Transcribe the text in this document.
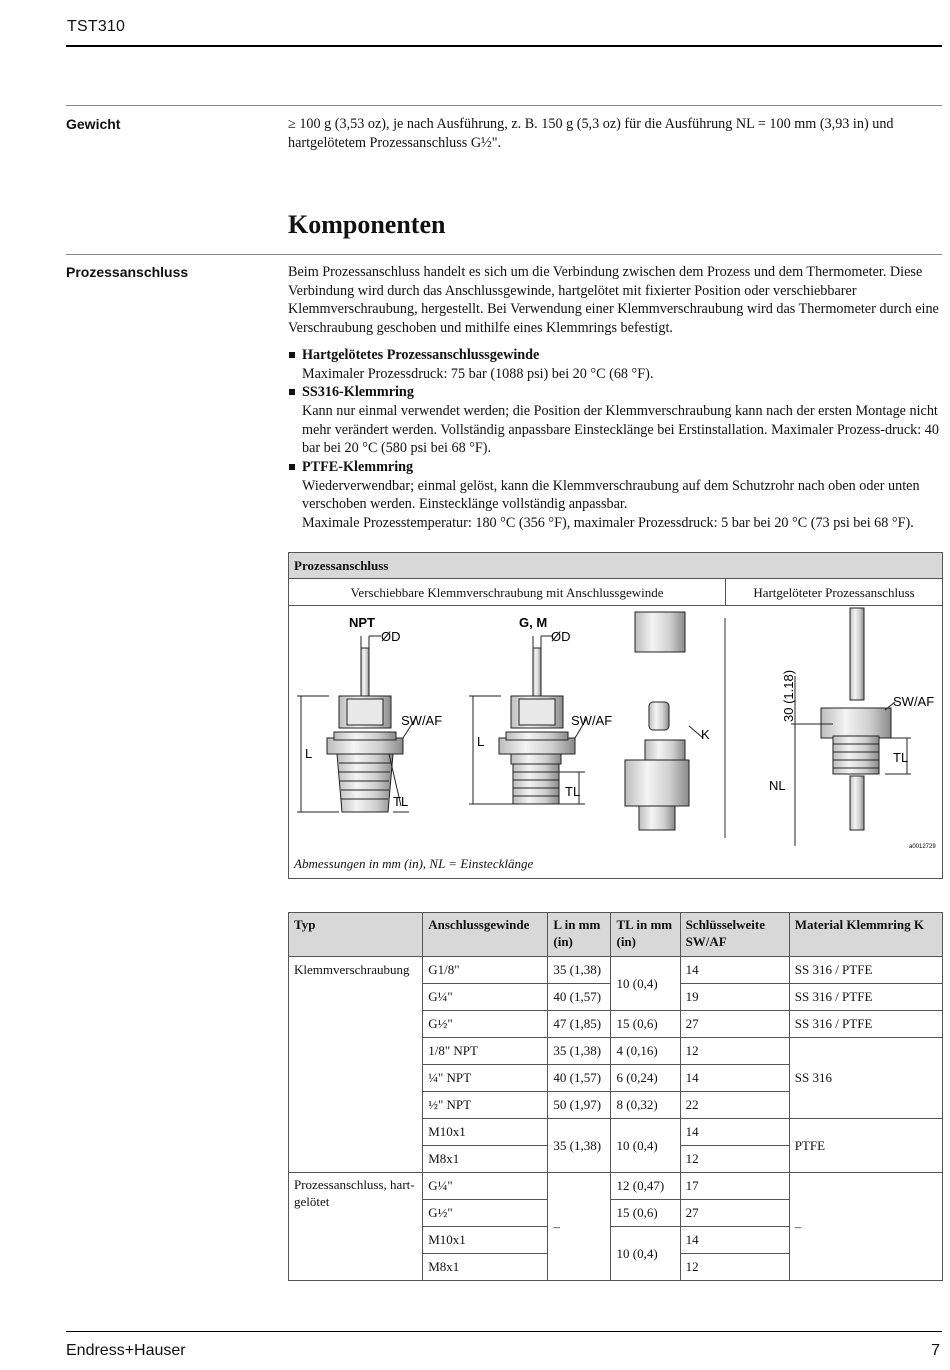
TST310
Gewicht	≥ 100 g (3,53 oz), je nach Ausführung, z. B. 150 g (5,3 oz) für die Ausführung NL = 100 mm (3,93 in) und hartgelötetem Prozessanschluss G½".
Komponenten
Prozessanschluss	Beim Prozessanschluss handelt es sich um die Verbindung zwischen dem Prozess und dem Thermometer. Diese Verbindung wird durch das Anschlussgewinde, hartgelötet mit fixierter Position oder verschiebbarer Klemmverschraubung, hergestellt. Bei Verwendung einer Klemmverschraubung wird das Thermometer durch eine Verschraubung geschoben und mithilfe eines Klemmrings befestigt.
Hartgelötetes Prozessanschlussgewinde
Maximaler Prozessdruck: 75 bar (1088 psi) bei 20 °C (68 °F).
SS316-Klemmring
Kann nur einmal verwendet werden; die Position der Klemmverschraubung kann nach der ersten Montage nicht mehr verändert werden. Vollständig anpassbare Einstecklänge bei Erstinstallation. Maximaler Prozess-druck: 40 bar bei 20 °C (580 psi bei 68 °F).
PTFE-Klemmring
Wiederverwendbar; einmal gelöst, kann die Klemmverschraubung auf dem Schutzrohr nach oben oder unten verschoben werden. Einstecklänge vollständig anpassbar.
Maximale Prozesstemperatur: 180 °C (356 °F), maximaler Prozessdruck: 5 bar bei 20 °C (73 psi bei 68 °F).
Prozessanschluss
Verschiebbare Klemmverschraubung mit Anschlussgewinde	Hartgelöteter Prozessanschluss
NPT
ØD
SW/AF
L
TL
G, M
ØD
SW/AF
L
TL
K
30 (1.18)	SW/AF
TL
NL
a0012729
Abmessungen in mm (in), NL = Einstecklänge
Typ	Anschlussgewinde	L in mm (in)	TL in mm (in)	Schlüsselweite SW/AF	Material Klemmring K
Klemmverschraubung	G1/8"	35 (1,38)	10 (0,4)	14	SS 316 / PTFE
	G¼"	40 (1,57)		19	SS 316 / PTFE
	G½"	47 (1,85)	15 (0,6)	27	SS 316 / PTFE
	1/8" NPT	35 (1,38)	4 (0,16)	12	SS 316
	¼" NPT	40 (1,57)	6 (0,24)	14	
	½" NPT	50 (1,97)	8 (0,32)	22	
	M10x1	35 (1,38)	10 (0,4)	14	PTFE
	M8x1			12	
Prozessanschluss, hart-gelötet	G¼"	–	12 (0,47)	17	–
	G½"		15 (0,6)	27	
	M10x1		10 (0,4)	14	
	M8x1			12	
Endress+Hauser	7
